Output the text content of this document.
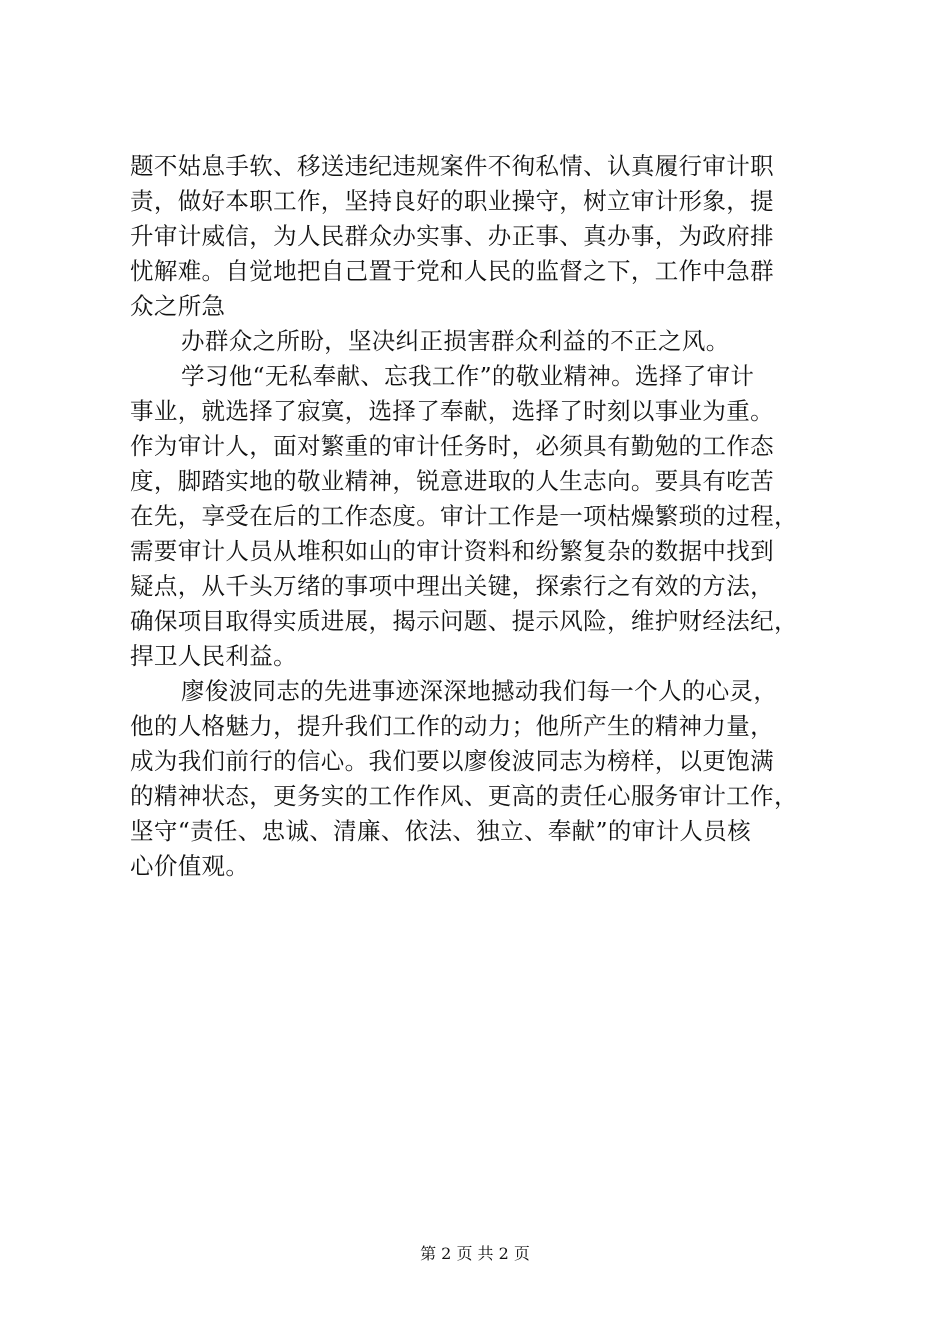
题不姑息手软、移送违纪违规案件不徇私情、认真履行审计职
责，做好本职工作，坚持良好的职业操守，树立审计形象，提
升审计威信，为人民群众办实事、办正事、真办事，为政府排
忧解难。自觉地把自己置于党和人民的监督之下，工作中急群
众之所急
办群众之所盼，坚决纠正损害群众利益的不正之风。
学习他“无私奉献、忘我工作”的敬业精神。选择了审计
事业，就选择了寂寞，选择了奉献，选择了时刻以事业为重。
作为审计人，面对繁重的审计任务时，必须具有勤勉的工作态
度，脚踏实地的敬业精神，锐意进取的人生志向。要具有吃苦
在先，享受在后的工作态度。审计工作是一项枯燥繁琐的过程，
需要审计人员从堆积如山的审计资料和纷繁复杂的数据中找到
疑点，从千头万绪的事项中理出关键，探索行之有效的方法，
确保项目取得实质进展，揭示问题、提示风险，维护财经法纪，
捍卫人民利益。
廖俊波同志的先进事迹深深地撼动我们每一个人的心灵，
他的人格魅力，提升我们工作的动力；他所产生的精神力量，
成为我们前行的信心。我们要以廖俊波同志为榜样，以更饱满
的精神状态，更务实的工作作风、更高的责任心服务审计工作，
坚守“责任、忠诚、清廉、依法、独立、奉献”的审计人员核
心价值观。
第 2 页 共 2 页
